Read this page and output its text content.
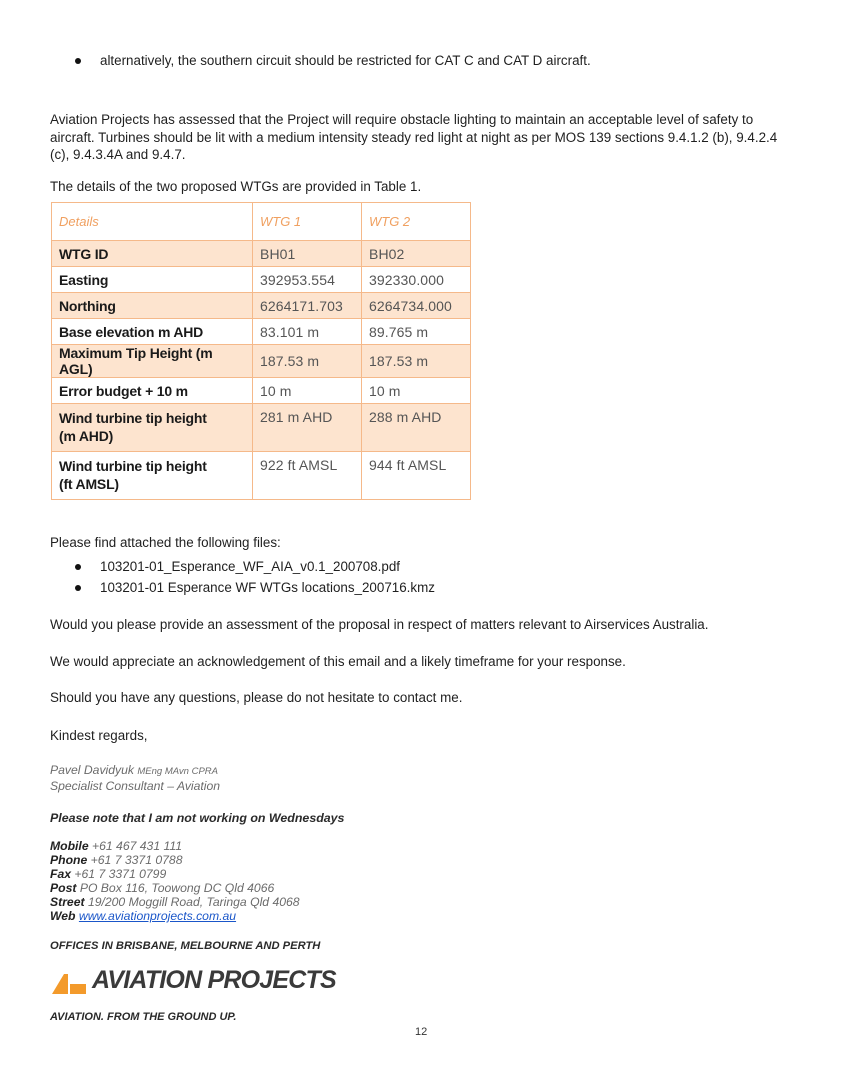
alternatively, the southern circuit should be restricted for CAT C and CAT D aircraft.
Aviation Projects has assessed that the Project will require obstacle lighting to maintain an acceptable level of safety to aircraft. Turbines should be lit with a medium intensity steady red light at night as per MOS 139 sections 9.4.1.2 (b), 9.4.2.4 (c), 9.4.3.4A and 9.4.7.
The details of the two proposed WTGs are provided in Table 1.
Details	WTG 1	WTG 2
WTG ID	BH01	BH02
Easting	392953.554	392330.000
Northing	6264171.703	6264734.000
Base elevation m AHD	83.101 m	89.765 m
Maximum Tip Height (m AGL)	187.53 m	187.53 m
Error budget + 10 m	10 m	10 m

Wind turbine tip height
(m AHD)	281 m AHD	288 m AHD

Wind turbine tip height
(ft AMSL)	922 ft AMSL	944 ft AMSL
Please find attached the following files:
103201-01_Esperance_WF_AIA_v0.1_200708.pdf
103201-01 Esperance WF WTGs locations_200716.kmz
Would you please provide an assessment of the proposal in respect of matters relevant to Airservices Australia.
We would appreciate an acknowledgement of this email and a likely timeframe for your response.
Should you have any questions, please do not hesitate to contact me.
Kindest regards,
Pavel Davidyuk MEng MAvn CPRA
Specialist Consultant – Aviation
Please note that I am not working on Wednesdays
Mobile +61 467 431 111
Phone +61 7 3371 0788
Fax +61 7 3371 0799
Post PO Box 116, Toowong DC Qld 4066
Street 19/200 Moggill Road, Taringa Qld 4068
Web www.aviationprojects.com.au
OFFICES IN BRISBANE, MELBOURNE AND PERTH
AVIATION PROJECTS
AVIATION. FROM THE GROUND UP.
12
